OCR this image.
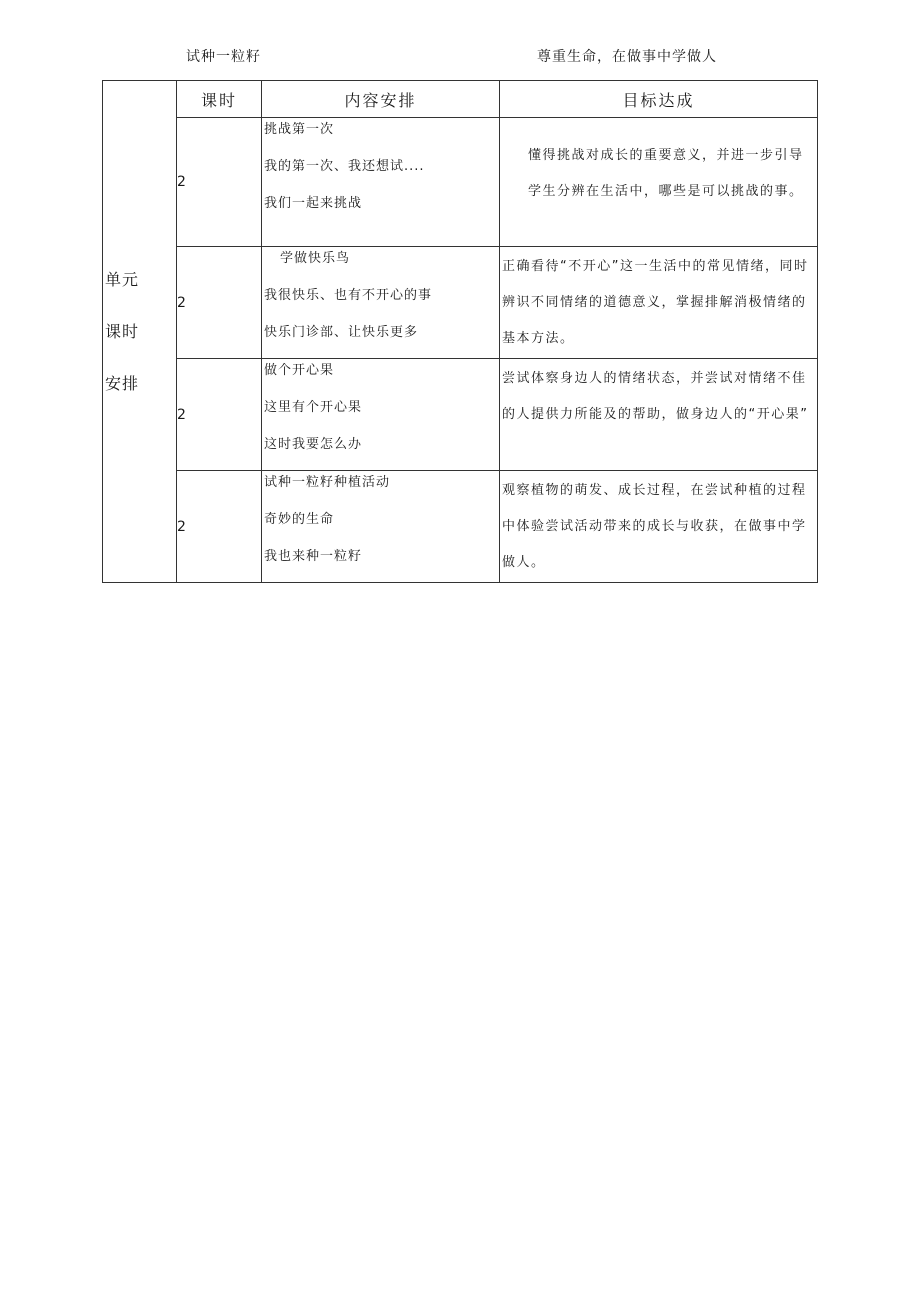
试种一粒籽	尊重生命，在做事中学做人
单元
课时
安排	课时	内容安排	目标达成
	2	挑战第一次
我的第一次、我还想试....
我们一起来挑战	懂得挑战对成长的重要意义，并进一步引导学生分辨在生活中，哪些是可以挑战的事。

	2	学做快乐鸟
我很快乐、也有不开心的事
快乐门诊部、让快乐更多	正确看待“不开心”这一生活中的常见情绪，同时辨识不同情绪的道德意义，掌握排解消极情绪的基本方法。

	2	做个开心果
这里有个开心果
这时我要怎么办	尝试体察身边人的情绪状态，并尝试对情绪不佳的人提供力所能及的帮助，做身边人的“开心果”

	2	试种一粒籽种植活动
奇妙的生命
我也来种一粒籽	观察植物的萌发、成长过程，在尝试种植的过程中体验尝试活动带来的成长与收获，在做事中学做人。
